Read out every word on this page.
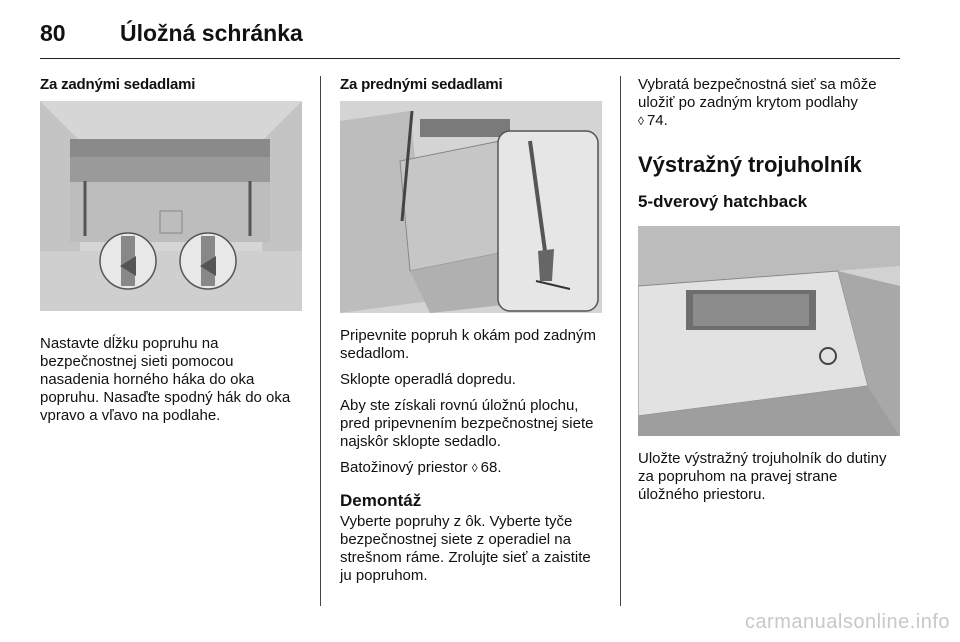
80	Úložná schránka
Za zadnými sedadlami

Nastavte dĺžku popruhu na bezpečnostnej sieti pomocou nasadenia horného háka do oka popruhu. Nasaďte spodný hák do oka vpravo a vľavo na podlahe.

Za prednými sedadlami

Pripevnite popruh k okám pod zadným sedadlom.

Sklopte operadlá dopredu.

Aby ste získali rovnú úložnú plochu, pred pripevnením bezpečnostnej siete najskôr sklopte sedadlo.

Batožinový priestor ◊ 68.

Demontáž

Vyberte popruhy z ôk. Vyberte tyče bezpečnostnej siete z operadiel na strešnom ráme. Zrolujte sieť a zaistite ju popruhom.

Vybratá bezpečnostná sieť sa môže uložiť po zadným krytom podlahy
◊ 74.

Výstražný trojuholník
5-dverový hatchback

Uložte výstražný trojuholník do dutiny za popruhom na pravej strane úložného priestoru.

carmanualsonline.info
